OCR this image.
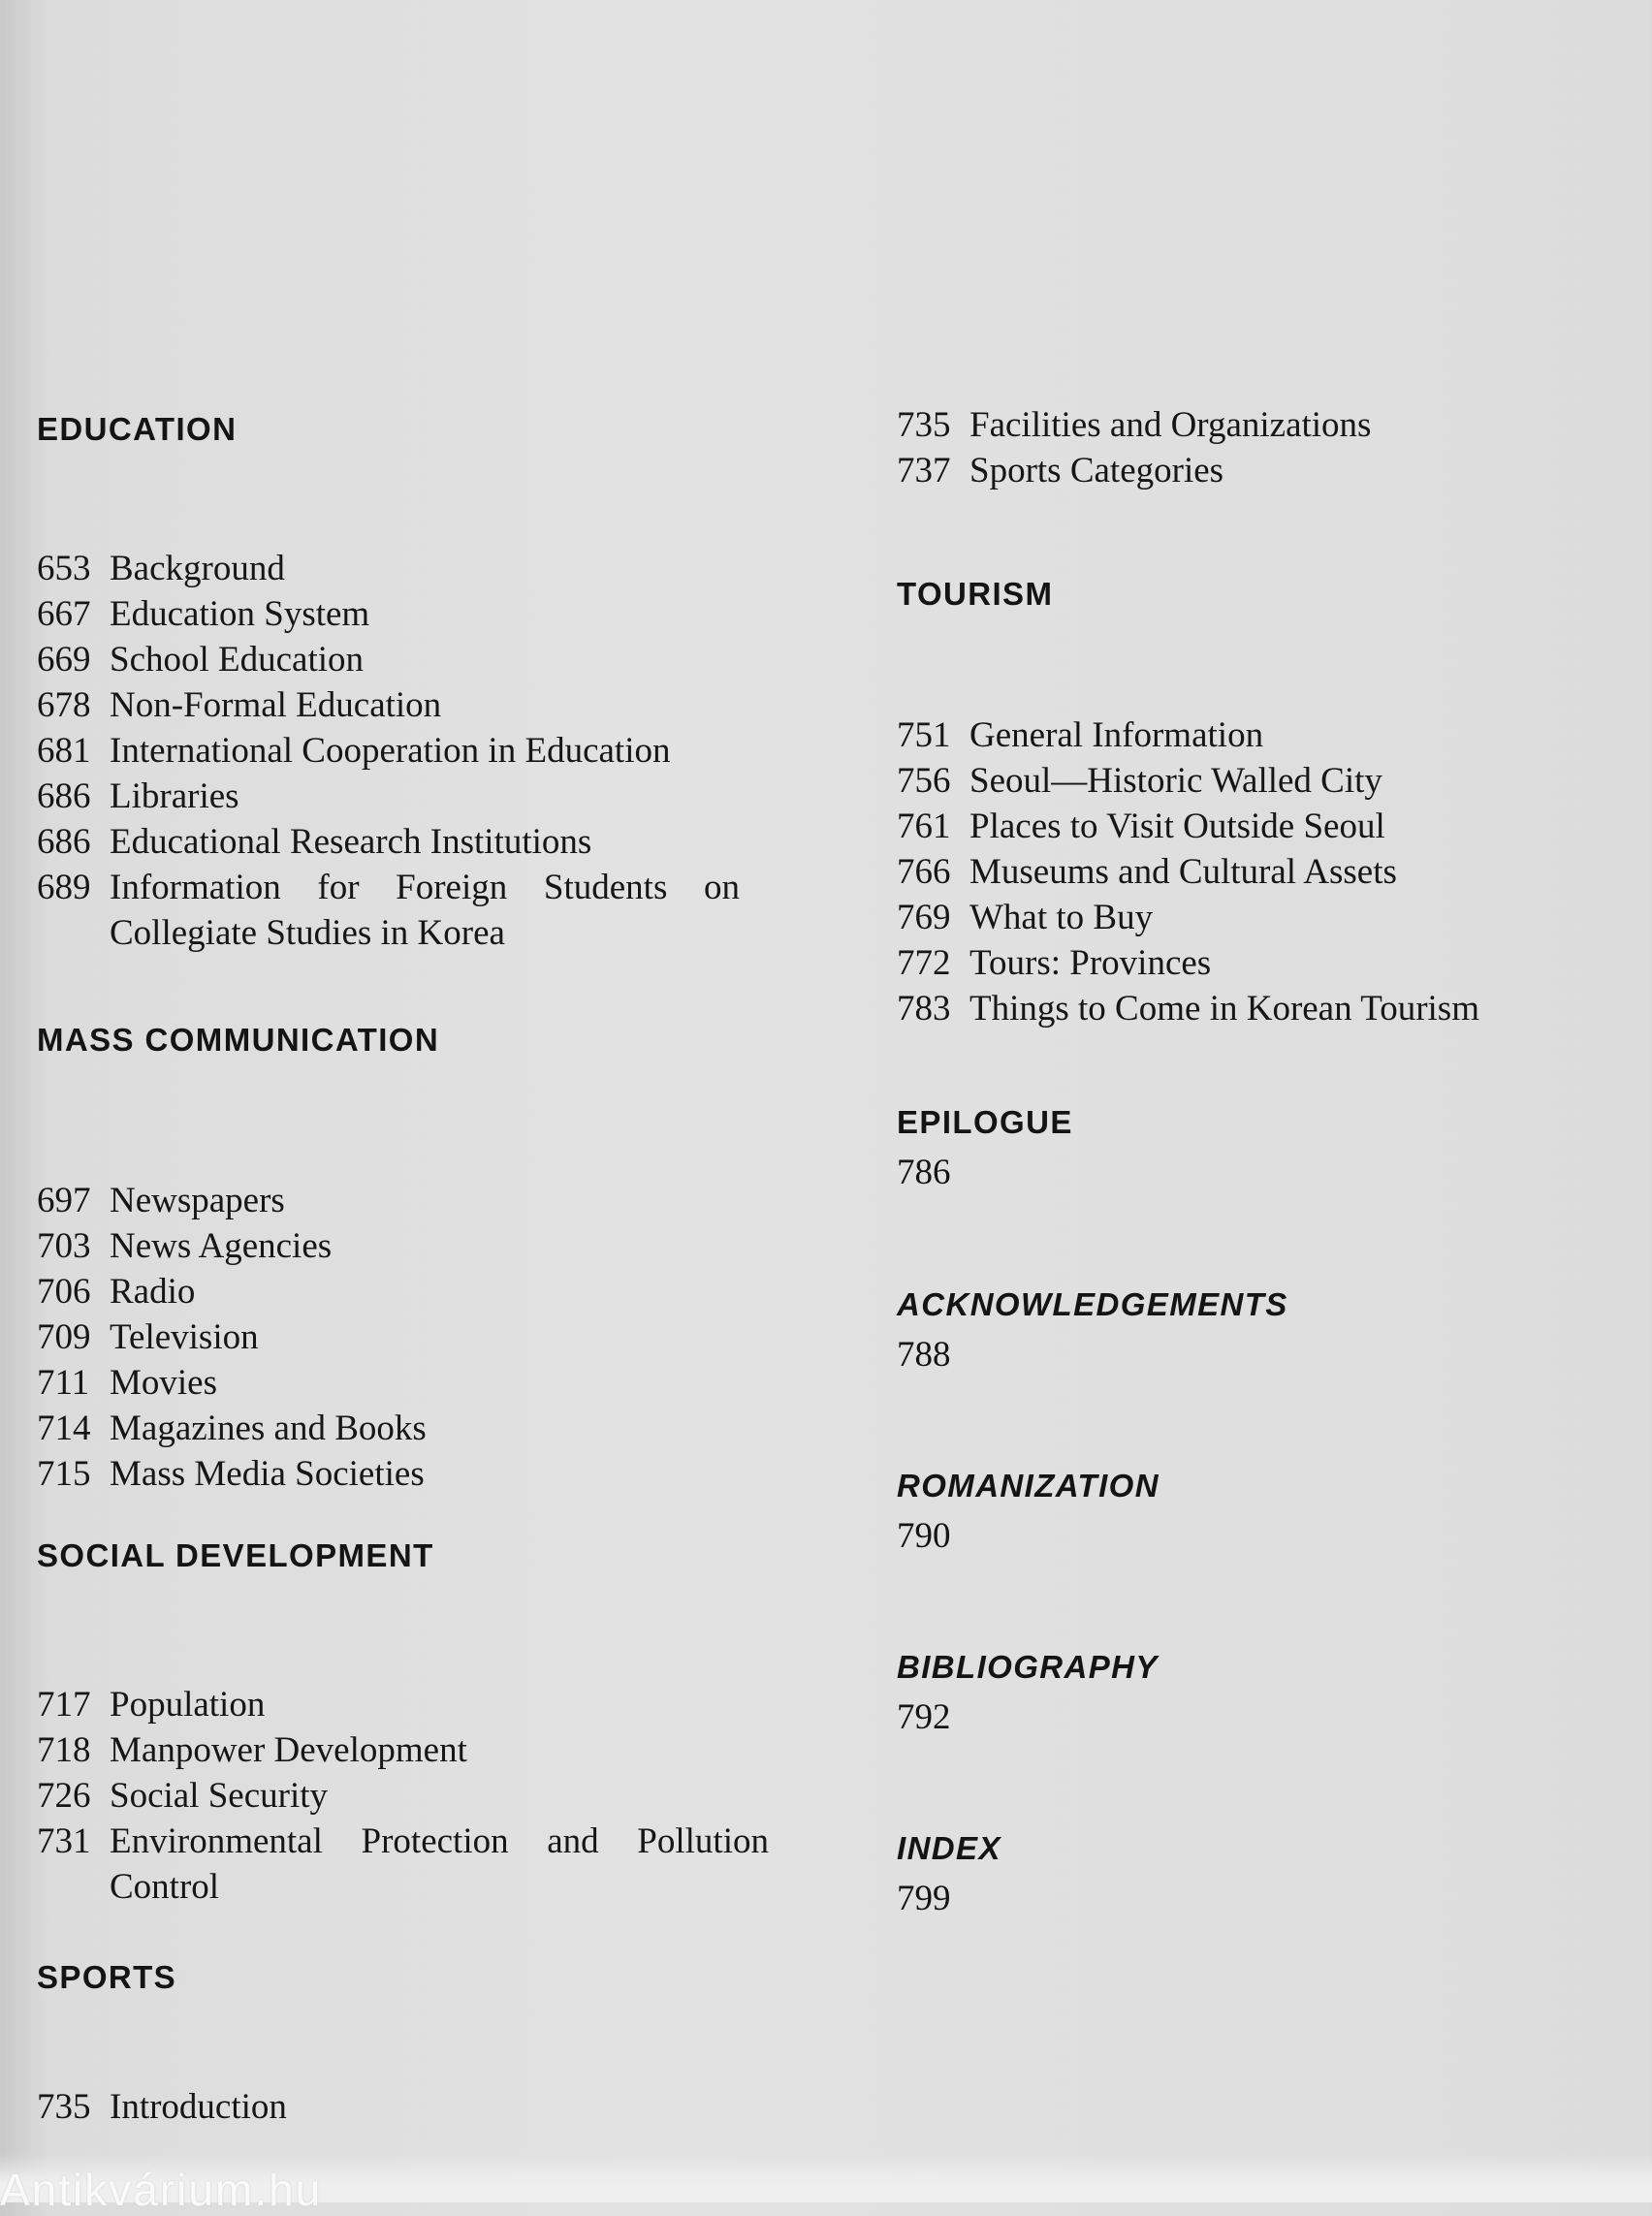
EDUCATION
653 Background
667 Education System
669 School Education
678 Non-Formal Education
681 International Cooperation in Education
686 Libraries
686 Educational Research Institutions
689 Information for Foreign Students on Collegiate Studies in Korea
MASS COMMUNICATION
697 Newspapers
703 News Agencies
706 Radio
709 Television
711 Movies
714 Magazines and Books
715 Mass Media Societies
SOCIAL DEVELOPMENT
717 Population
718 Manpower Development
726 Social Security
731 Environmental Protection and Pollution Control
SPORTS
735 Introduction
735 Facilities and Organizations
737 Sports Categories
TOURISM
751 General Information
756 Seoul—Historic Walled City
761 Places to Visit Outside Seoul
766 Museums and Cultural Assets
769 What to Buy
772 Tours: Provinces
783 Things to Come in Korean Tourism
EPILOGUE
786
ACKNOWLEDGEMENTS
788
ROMANIZATION
790
BIBLIOGRAPHY
792
INDEX
799
Antikvárium.hu
